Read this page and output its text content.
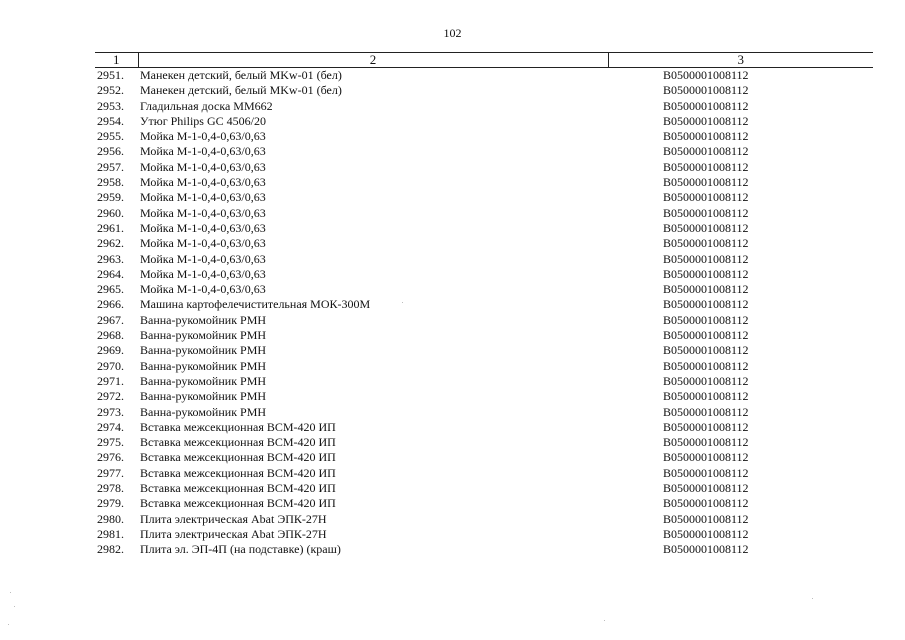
102
1	2	3
2951.	Манекен детский, белый MKw-01 (бел)	B0500001008112
2952.	Манекен детский, белый MKw-01 (бел)	B0500001008112
2953.	Гладильная доска MM662	B0500001008112
2954.	Утюг Philips GC 4506/20	B0500001008112
2955.	Мойка М-1-0,4-0,63/0,63	B0500001008112
2956.	Мойка М-1-0,4-0,63/0,63	B0500001008112
2957.	Мойка М-1-0,4-0,63/0,63	B0500001008112
2958.	Мойка М-1-0,4-0,63/0,63	B0500001008112
2959.	Мойка М-1-0,4-0,63/0,63	B0500001008112
2960.	Мойка М-1-0,4-0,63/0,63	B0500001008112
2961.	Мойка М-1-0,4-0,63/0,63	B0500001008112
2962.	Мойка М-1-0,4-0,63/0,63	B0500001008112
2963.	Мойка М-1-0,4-0,63/0,63	B0500001008112
2964.	Мойка М-1-0,4-0,63/0,63	B0500001008112
2965.	Мойка М-1-0,4-0,63/0,63	B0500001008112
2966.	Машина картофелечистительная МОК-300М	B0500001008112
2967.	Ванна-рукомойник РМН	B0500001008112
2968.	Ванна-рукомойник РМН	B0500001008112
2969.	Ванна-рукомойник РМН	B0500001008112
2970.	Ванна-рукомойник РМН	B0500001008112
2971.	Ванна-рукомойник РМН	B0500001008112
2972.	Ванна-рукомойник РМН	B0500001008112
2973.	Ванна-рукомойник РМН	B0500001008112
2974.	Вставка межсекционная ВСМ-420 ИП	B0500001008112
2975.	Вставка межсекционная ВСМ-420 ИП	B0500001008112
2976.	Вставка межсекционная ВСМ-420 ИП	B0500001008112
2977.	Вставка межсекционная ВСМ-420 ИП	B0500001008112
2978.	Вставка межсекционная ВСМ-420 ИП	B0500001008112
2979.	Вставка межсекционная ВСМ-420 ИП	B0500001008112
2980.	Плита электрическая Abat ЭПК-27Н	B0500001008112
2981.	Плита электрическая Abat ЭПК-27Н	B0500001008112
2982.	Плита эл. ЭП-4П (на подставке) (краш)	B0500001008112
